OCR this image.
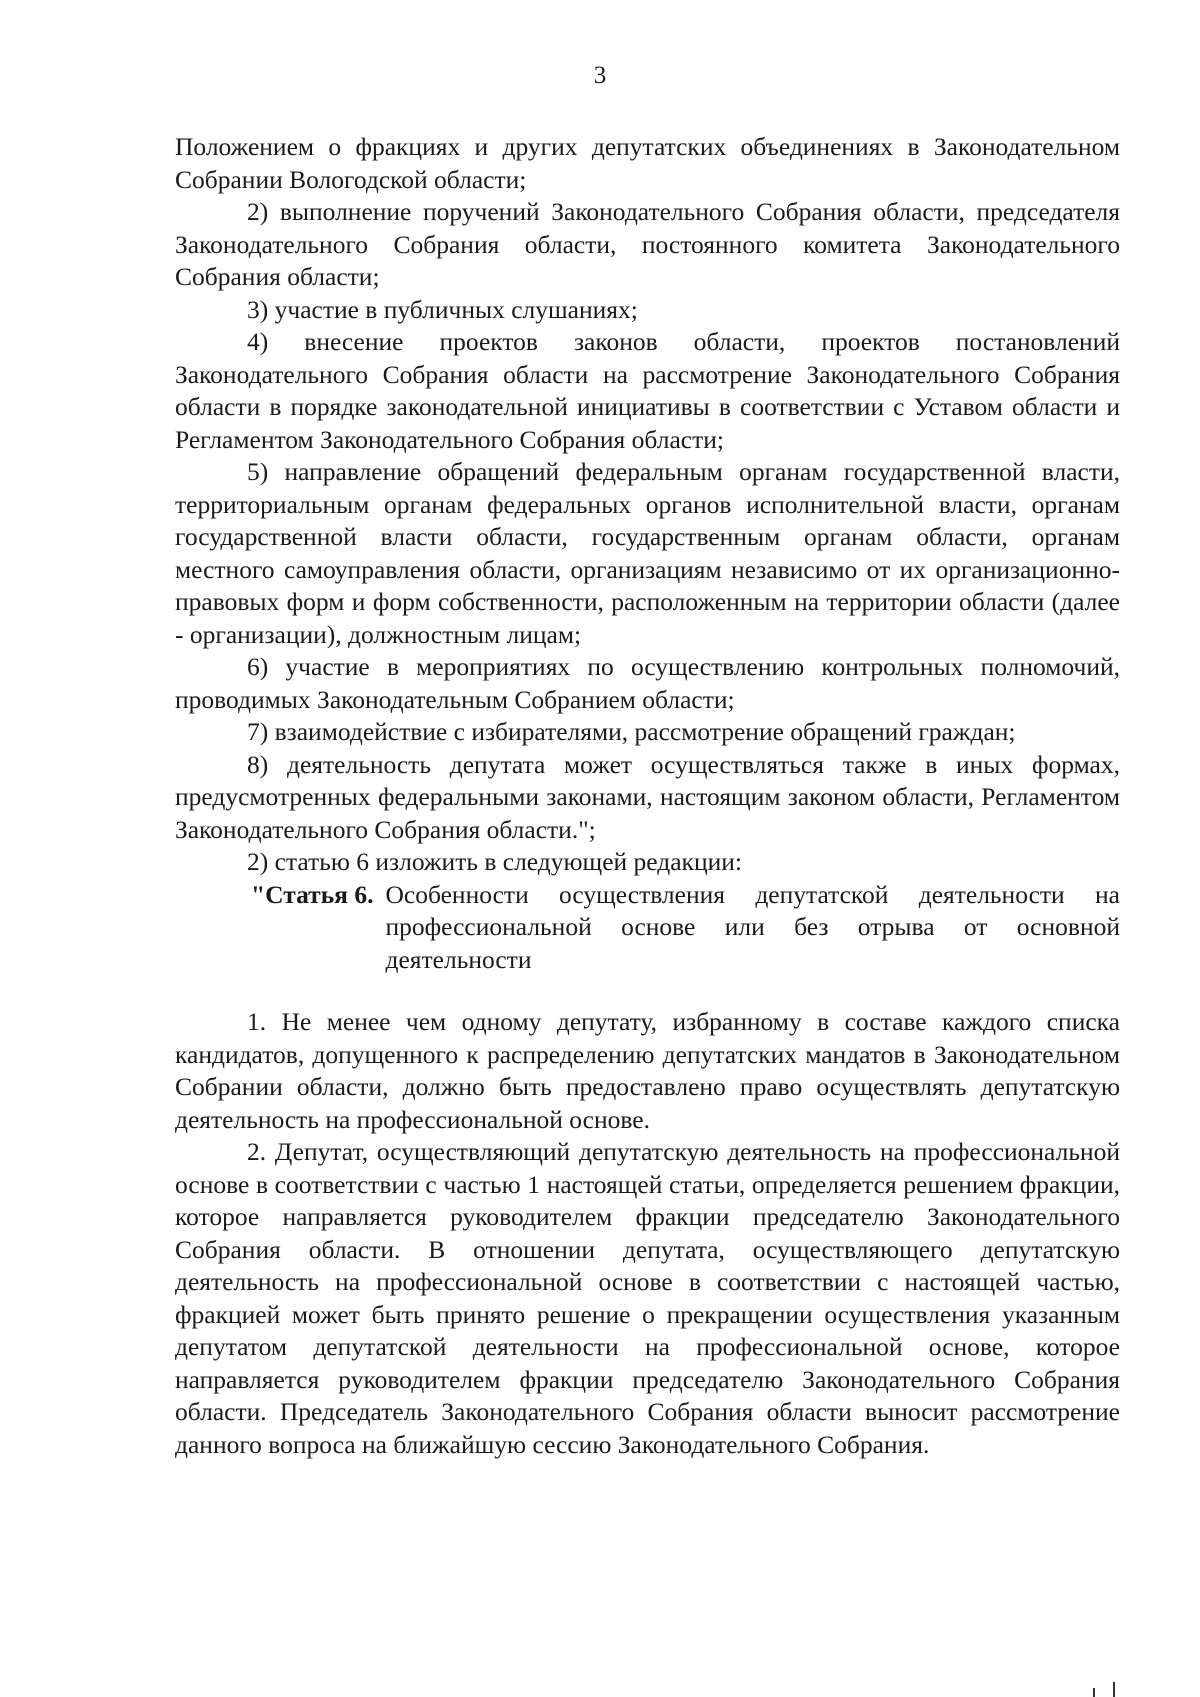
3

Положением о фракциях и других депутатских объединениях в Законодательном Собрании Вологодской области;

2) выполнение поручений Законодательного Собрания области, председателя Законодательного Собрания области, постоянного комитета Законодательного Собрания области;

3) участие в публичных слушаниях;

4) внесение проектов законов области, проектов постановлений Законодательного Собрания области на рассмотрение Законодательного Собрания области в порядке законодательной инициативы в соответствии с Уставом области и Регламентом Законодательного Собрания области;

5) направление обращений федеральным органам государственной власти, территориальным органам федеральных органов исполнительной власти, органам государственной власти области, государственным органам области, органам местного самоуправления области, организациям независимо от их организационно-правовых форм и форм собственности, расположенным на территории области (далее - организации), должностным лицам;

6) участие в мероприятиях по осуществлению контрольных полномочий, проводимых Законодательным Собранием области;

7) взаимодействие с избирателями, рассмотрение обращений граждан;

8) деятельность депутата может осуществляться также в иных формах, предусмотренных федеральными законами, настоящим законом области, Регламентом Законодательного Собрания области.";

2) статью 6 изложить в следующей редакции:

"Статья 6. Особенности осуществления депутатской деятельности на профессиональной основе или без отрыва от основной деятельности

1. Не менее чем одному депутату, избранному в составе каждого списка кандидатов, допущенного к распределению депутатских мандатов в Законодательном Собрании области, должно быть предоставлено право осуществлять депутатскую деятельность на профессиональной основе.

2. Депутат, осуществляющий депутатскую деятельность на профессиональной основе в соответствии с частью 1 настоящей статьи, определяется решением фракции, которое направляется руководителем фракции председателю Законодательного Собрания области. В отношении депутата, осуществляющего депутатскую деятельность на профессиональной основе в соответствии с настоящей частью, фракцией может быть принято решение о прекращении осуществления указанным депутатом депутатской деятельности на профессиональной основе, которое направляется руководителем фракции председателю Законодательного Собрания области. Председатель Законодательного Собрания области выносит рассмотрение данного вопроса на ближайшую сессию Законодательного Собрания.
